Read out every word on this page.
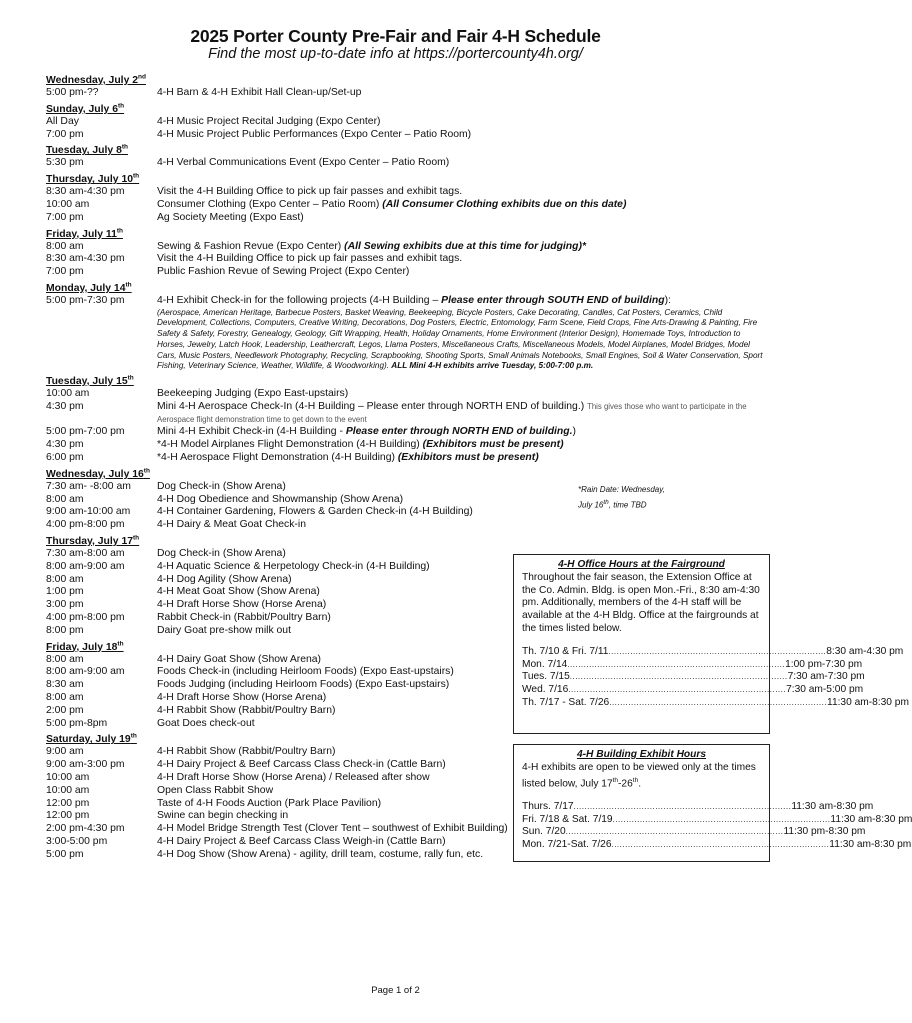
2025 Porter County Pre-Fair and Fair 4-H Schedule
Find the most up-to-date info at https://portercounty4h.org/
Wednesday, July 2nd
5:00 pm-??	4-H Barn & 4-H Exhibit Hall Clean-up/Set-up
Sunday, July 6th
All Day	4-H Music Project Recital Judging (Expo Center)
7:00 pm	4-H Music Project Public Performances (Expo Center – Patio Room)
Tuesday, July 8th
5:30 pm	4-H Verbal Communications Event (Expo Center – Patio Room)
Thursday, July 10th
8:30 am-4:30 pm	Visit the 4-H Building Office to pick up fair passes and exhibit tags.
10:00 am	Consumer Clothing (Expo Center – Patio Room) (All Consumer Clothing exhibits due on this date)
7:00 pm	Ag Society Meeting (Expo East)
Friday, July 11th
8:00 am	Sewing & Fashion Revue (Expo Center) (All Sewing exhibits due at this time for judging)*
8:30 am-4:30 pm	Visit the 4-H Building Office to pick up fair passes and exhibit tags.
7:00 pm	Public Fashion Revue of Sewing Project (Expo Center)
Monday, July 14th
5:00 pm-7:30 pm	4-H Exhibit Check-in for the following projects (4-H Building – Please enter through SOUTH END of building):
(Aerospace, American Heritage, Barbecue Posters, Basket Weaving, Beekeeping, Bicycle Posters, Cake Decorating, Candles, Cat Posters, Ceramics, Child Development, Collections, Computers, Creative Writing, Decorations, Dog Posters, Electric, Entomology, Farm Scene, Field Crops, Fine Arts-Drawing & Painting, Fire Safety & Safety, Forestry, Genealogy, Geology, Gift Wrapping, Health, Holiday Ornaments, Home Environment (Interior Design), Homemade Toys, Introduction to Horses, Jewelry, Latch Hook, Leadership, Leathercraft, Legos, Llama Posters, Miscellaneous Crafts, Miscellaneous Models, Model Airplanes, Model Bridges, Model Cars, Music Posters, Needlework Photography, Recycling, Scrapbooking, Shooting Sports, Small Animals Notebooks, Small Engines, Soil & Water Conservation, Sport Fishing, Veterinary Science, Weather, Wildlife, & Woodworking). ALL Mini 4-H exhibits arrive Tuesday, 5:00-7:00 p.m.
Tuesday, July 15th
10:00 am	Beekeeping Judging (Expo East-upstairs)
4:30 pm	Mini 4-H Aerospace Check-In (4-H Building – Please enter through NORTH END of building.) This gives those who want to participate in the Aerospace flight demonstration time to get down to the event
5:00 pm-7:00 pm	Mini 4-H Exhibit Check-in (4-H Building - Please enter through NORTH END of building.)
4:30 pm	*4-H Model Airplanes Flight Demonstration (4-H Building) (Exhibitors must be present)
6:00 pm	*4-H Aerospace Flight Demonstration (4-H Building) (Exhibitors must be present)
Wednesday, July 16th
7:30 am- -8:00 am	Dog Check-in (Show Arena)
8:00 am	4-H Dog Obedience and Showmanship (Show Arena)
9:00 am-10:00 am	4-H Container Gardening, Flowers & Garden Check-in (4-H Building)
4:00 pm-8:00 pm	4-H Dairy & Meat Goat Check-in
Thursday, July 17th
7:30 am-8:00 am	Dog Check-in (Show Arena)
8:00 am-9:00 am	4-H Aquatic Science & Herpetology Check-in (4-H Building)
8:00 am	4-H Dog Agility (Show Arena)
1:00 pm	4-H Meat Goat Show (Show Arena)
3:00 pm	4-H Draft Horse Show (Horse Arena)
4:00 pm-8:00 pm	Rabbit Check-in (Rabbit/Poultry Barn)
8:00 pm	Dairy Goat pre-show milk out
Friday, July 18th
8:00 am	4-H Dairy Goat Show (Show Arena)
8:00 am-9:00 am	Foods Check-in (including Heirloom Foods) (Expo East-upstairs)
8:30 am	Foods Judging (including Heirloom Foods) (Expo East-upstairs)
8:00 am	4-H Draft Horse Show (Horse Arena)
2:00 pm	4-H Rabbit Show (Rabbit/Poultry Barn)
5:00 pm-8pm	Goat Does check-out
Saturday, July 19th
9:00 am	4-H Rabbit Show (Rabbit/Poultry Barn)
9:00 am-3:00 pm	4-H Dairy Project & Beef Carcass Class Check-in (Cattle Barn)
10:00 am	4-H Draft Horse Show (Horse Arena) / Released after show
10:00 am	Open Class Rabbit Show
12:00 pm	Taste of 4-H Foods Auction (Park Place Pavilion)
12:00 pm	Swine can begin checking in
2:00 pm-4:30 pm	4-H Model Bridge Strength Test (Clover Tent – southwest of Exhibit Building)
3:00-5:00 pm	4-H Dairy Project & Beef Carcass Class Weigh-in (Cattle Barn)
5:00 pm	4-H Dog Show (Show Arena) - agility, drill team, costume, rally fun, etc.
*Rain Date: Wednesday,
July 16th, time TBD
4-H Office Hours at the Fairground
Throughout the fair season, the Extension Office at the Co. Admin. Bldg. is open Mon.-Fri., 8:30 am-4:30 pm. Additionally, members of the 4-H staff will be available at the 4-H Bldg. Office at the fairgrounds at the times listed below.
Th. 7/10 & Fri. 7/11 ................................................................................ 8:30 am-4:30 pm
Mon. 7/14 ................................................................................ 1:00 pm-7:30 pm
Tues. 7/15 ................................................................................ 7:30 am-7:30 pm
Wed. 7/16 ................................................................................ 7:30 am-5:00 pm
Th. 7/17 - Sat. 7/26 ................................................................................ 11:30 am-8:30 pm
4-H Building Exhibit Hours
4-H exhibits are open to be viewed only at the times listed below, July 17th-26th.
Thurs. 7/17 ................................................................................ 11:30 am-8:30 pm
Fri. 7/18 & Sat. 7/19 ................................................................................ 11:30 am-8:30 pm
Sun. 7/20 ................................................................................ 11:30 pm-8:30 pm
Mon. 7/21-Sat. 7/26 ................................................................................ 11:30 am-8:30 pm
Page 1 of 2
